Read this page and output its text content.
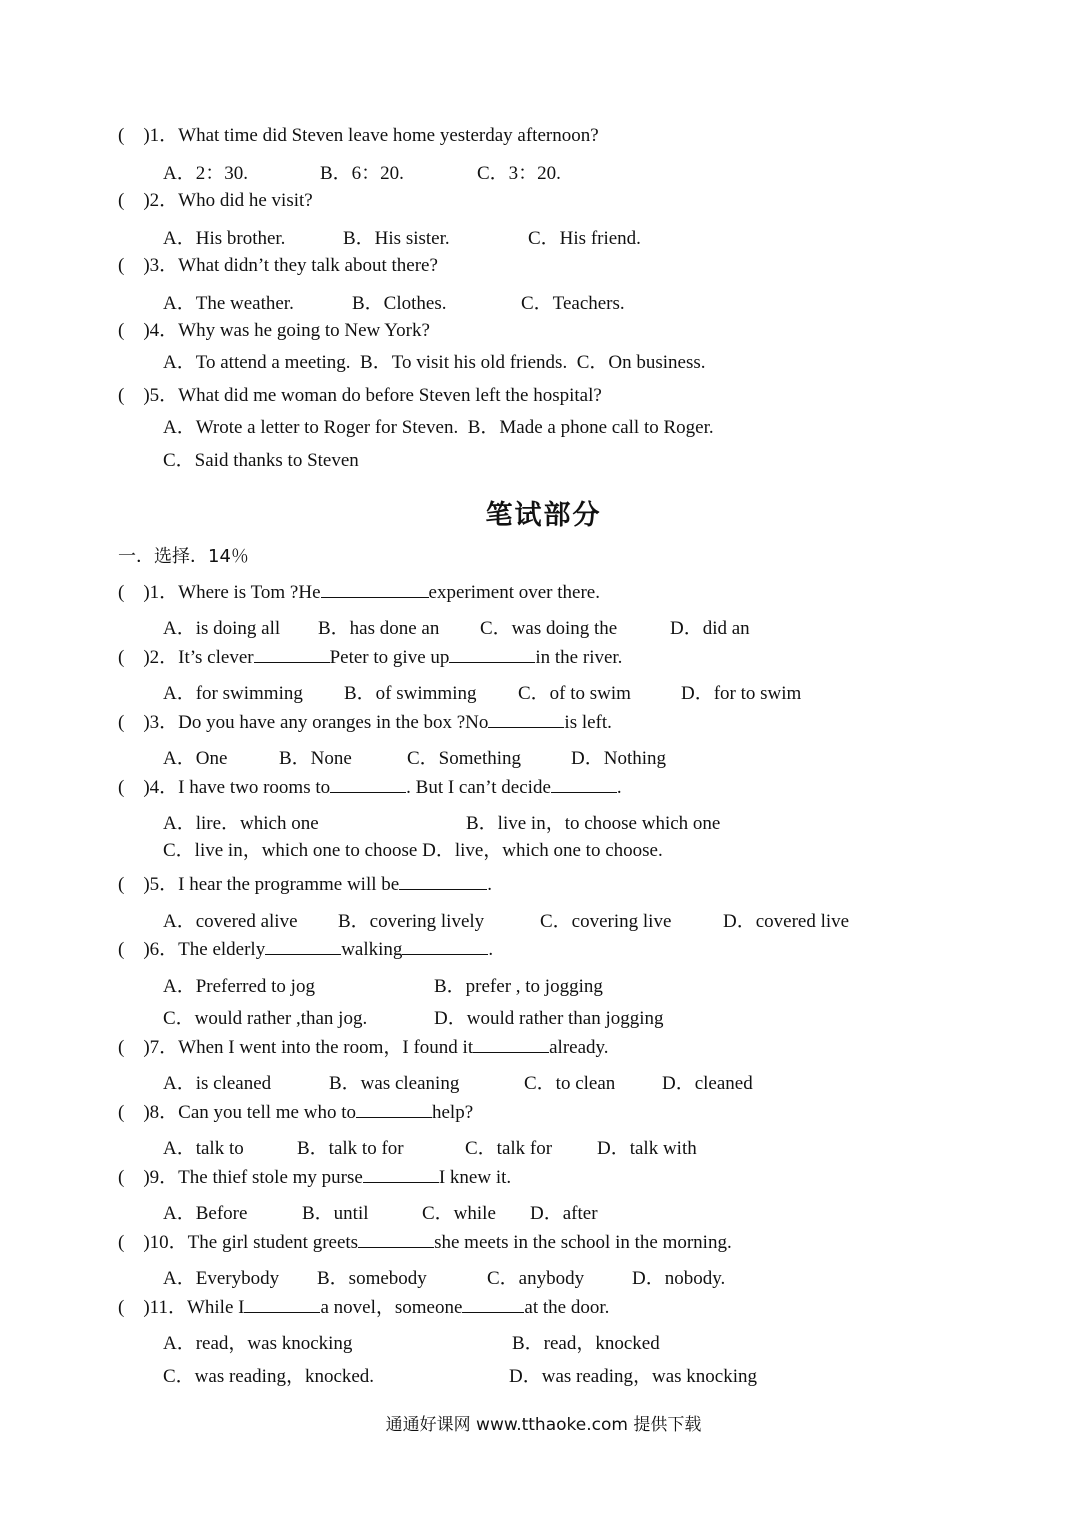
(    )1．What time did Steven leave home yesterday afternoon?
A．2：30.	B．6：20.	C．3：20.
(    )2．Who did he visit?
A．His brother.	B．His sister.	C．His friend.
(    )3．What didn’t they talk about there?
A．The weather.	B．Clothes.	C．Teachers.
(    )4．Why was he going to New York?
A．To attend a meeting.  B．To visit his old friends.  C．On business.
(    )5．What did me woman do before Steven left the hospital?
A．Wrote a letter to Roger for Steven.  B．Made a phone call to Roger.
C．Said thanks to Steven
笔试部分
一．选择．14％
(    )1．Where is Tom ?He	experiment over there.
A．is doing all B．has done an C．was doing the	D．did an
(    )2．It’s clever	Peter to give up	in the river.
A．for swimming B．of swimming C．of to swim	D．for to swim
(    )3．Do you have any oranges in the box ?No	is left.
A．One	B．None	C．Something	D．Nothing
(    )4．I have two rooms to	. But I can’t decide	.
A．lire．which one	B．live in，to choose which one
C．live in，which one to choose D．live，which one to choose.
(    )5．I hear the programme will be	.
A．covered alive B．covering lively	C．covering live	D．covered live
(    )6．The elderly	walking	.
A．Preferred to jog	B．prefer , to jogging
C．would rather ,than jog.	D．would rather than jogging
(    )7．When I went into the room，I found it	already.
A．is cleaned	B．was cleaning	C．to clean D．cleaned
(    )8．Can you tell me who to	help?
A．talk to	B．talk to for	C．talk for D．talk with
(    )9．The thief stole my purse	I knew it.
A．Before	B．until	C．while D．after
(    )10．The girl student greets	she meets in the school in the morning.
A．Everybody B．somebody	C．anybody	D．nobody.
(    )11．While I	a novel，someone	at the door.
A．read，was knocking	B．read，knocked
C．was reading，knocked.	D．was reading，was knocking
通通好课网 www.tthaoke.com 提供下载
